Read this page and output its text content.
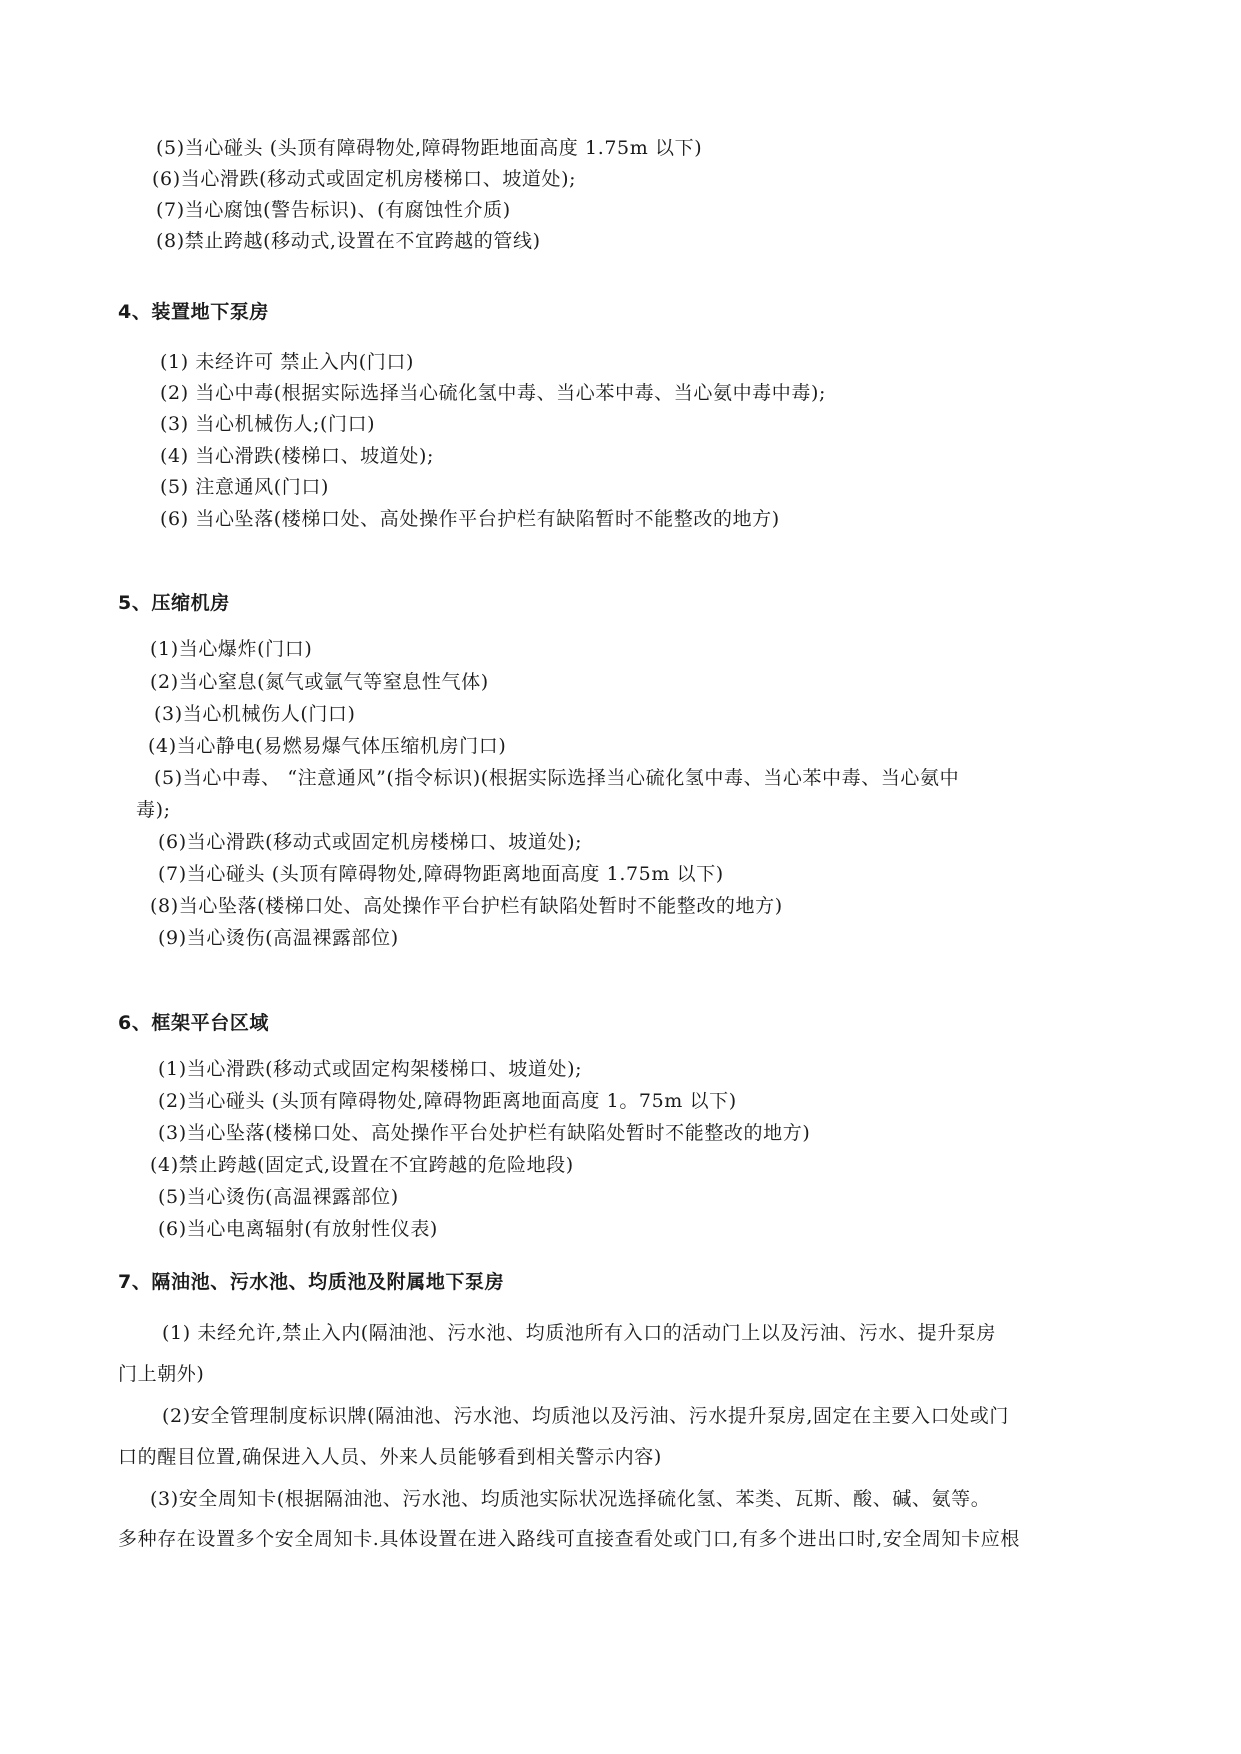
(5)当心碰头 (头顶有障碍物处,障碍物距地面高度 1.75m 以下)
(6)当心滑跌(移动式或固定机房楼梯口、坡道处);
(7)当心腐蚀(警告标识)、(有腐蚀性介质)
(8)禁止跨越(移动式,设置在不宜跨越的管线)
4、装置地下泵房
(1) 未经许可 禁止入内(门口)
(2) 当心中毒(根据实际选择当心硫化氢中毒、当心苯中毒、当心氨中毒中毒);
(3) 当心机械伤人;(门口)
(4) 当心滑跌(楼梯口、坡道处);
(5) 注意通风(门口)
(6) 当心坠落(楼梯口处、高处操作平台护栏有缺陷暂时不能整改的地方)
5、压缩机房
(1)当心爆炸(门口)
(2)当心窒息(氮气或氩气等窒息性气体)
(3)当心机械伤人(门口)
(4)当心静电(易燃易爆气体压缩机房门口)
(5)当心中毒、 “注意通风”(指令标识)(根据实际选择当心硫化氢中毒、当心苯中毒、当心氨中
毒);
(6)当心滑跌(移动式或固定机房楼梯口、坡道处);
(7)当心碰头 (头顶有障碍物处,障碍物距离地面高度 1.75m 以下)
(8)当心坠落(楼梯口处、高处操作平台护栏有缺陷处暂时不能整改的地方)
(9)当心烫伤(高温裸露部位)
6、框架平台区域
(1)当心滑跌(移动式或固定构架楼梯口、坡道处);
(2)当心碰头 (头顶有障碍物处,障碍物距离地面高度 1。75m 以下)
(3)当心坠落(楼梯口处、高处操作平台处护栏有缺陷处暂时不能整改的地方)
(4)禁止跨越(固定式,设置在不宜跨越的危险地段)
(5)当心烫伤(高温裸露部位)
(6)当心电离辐射(有放射性仪表)
7、隔油池、污水池、均质池及附属地下泵房
(1) 未经允许,禁止入内(隔油池、污水池、均质池所有入口的活动门上以及污油、污水、提升泵房
门上朝外)
(2)安全管理制度标识牌(隔油池、污水池、均质池以及污油、污水提升泵房,固定在主要入口处或门
口的醒目位置,确保进入人员、外来人员能够看到相关警示内容)
(3)安全周知卡(根据隔油池、污水池、均质池实际状况选择硫化氢、苯类、瓦斯、酸、碱、氨等。
多种存在设置多个安全周知卡.具体设置在进入路线可直接查看处或门口,有多个进出口时,安全周知卡应根
